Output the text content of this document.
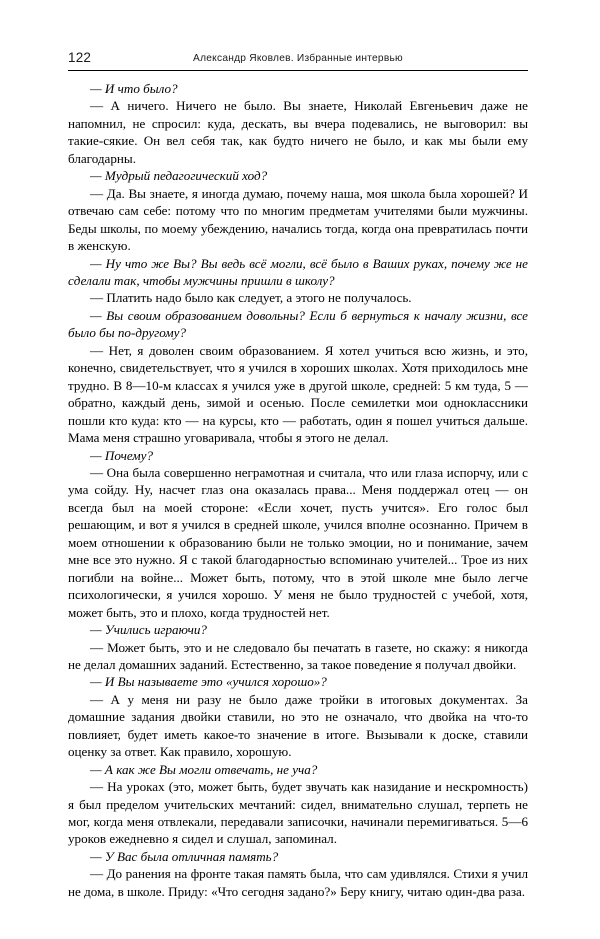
122	Александр Яковлев. Избранные интервью

— И что было?

— А ничего. Ничего не было. Вы знаете, Николай Евгеньевич даже не напомнил, не спросил: куда, дескать, вы вчера подевались, не выговорил: вы такие-сякие. Он вел себя так, как будто ничего не было, и как мы были ему благодарны.

— Мудрый педагогический ход?

— Да. Вы знаете, я иногда думаю, почему наша, моя школа была хорошей? И отвечаю сам себе: потому что по многим предметам учителями были мужчины. Беды школы, по моему убеждению, начались тогда, когда она превратилась почти в женскую.

— Ну что же Вы? Вы ведь всё могли, всё было в Ваших руках, почему же не сделали так, чтобы мужчины пришли в школу?

— Платить надо было как следует, а этого не получалось.

— Вы своим образованием довольны? Если б вернуться к началу жизни, все было бы по-другому?

— Нет, я доволен своим образованием. Я хотел учиться всю жизнь, и это, конечно, свидетельствует, что я учился в хороших школах. Хотя приходилось мне трудно. В 8—10-м классах я учился уже в другой школе, средней: 5 км туда, 5 — обратно, каждый день, зимой и осенью. После семилетки мои одноклассники пошли кто куда: кто — на курсы, кто — работать, один я пошел учиться дальше. Мама меня страшно уговаривала, чтобы я этого не делал.

— Почему?

— Она была совершенно неграмотная и считала, что или глаза испорчу, или с ума сойду. Ну, насчет глаз она оказалась права... Меня поддержал отец — он всегда был на моей стороне: «Если хочет, пусть учится». Его голос был решающим, и вот я учился в средней школе, учился вполне осознанно. Причем в моем отношении к образованию были не только эмоции, но и понимание, зачем мне все это нужно. Я с такой благодарностью вспоминаю учителей... Трое из них погибли на войне... Может быть, потому, что в этой школе мне было легче психологически, я учился хорошо. У меня не было трудностей с учебой, хотя, может быть, это и плохо, когда трудностей нет.

— Учились играючи?

— Может быть, это и не следовало бы печатать в газете, но скажу: я никогда не делал домашних заданий. Естественно, за такое поведение я получал двойки.

— И Вы называете это «учился хорошо»?

— А у меня ни разу не было даже тройки в итоговых документах. За домашние задания двойки ставили, но это не означало, что двойка на что-то повлияет, будет иметь какое-то значение в итоге. Вызывали к доске, ставили оценку за ответ. Как правило, хорошую.

— А как же Вы могли отвечать, не уча?

— На уроках (это, может быть, будет звучать как назидание и нескромность) я был пределом учительских мечтаний: сидел, внимательно слушал, терпеть не мог, когда меня отвлекали, передавали записочки, начинали перемигиваться. 5—6 уроков ежедневно я сидел и слушал, запоминал.

— У Вас была отличная память?

— До ранения на фронте такая память была, что сам удивлялся. Стихи я учил не дома, в школе. Приду: «Что сегодня задано?» Беру книгу, читаю один-два раза.
